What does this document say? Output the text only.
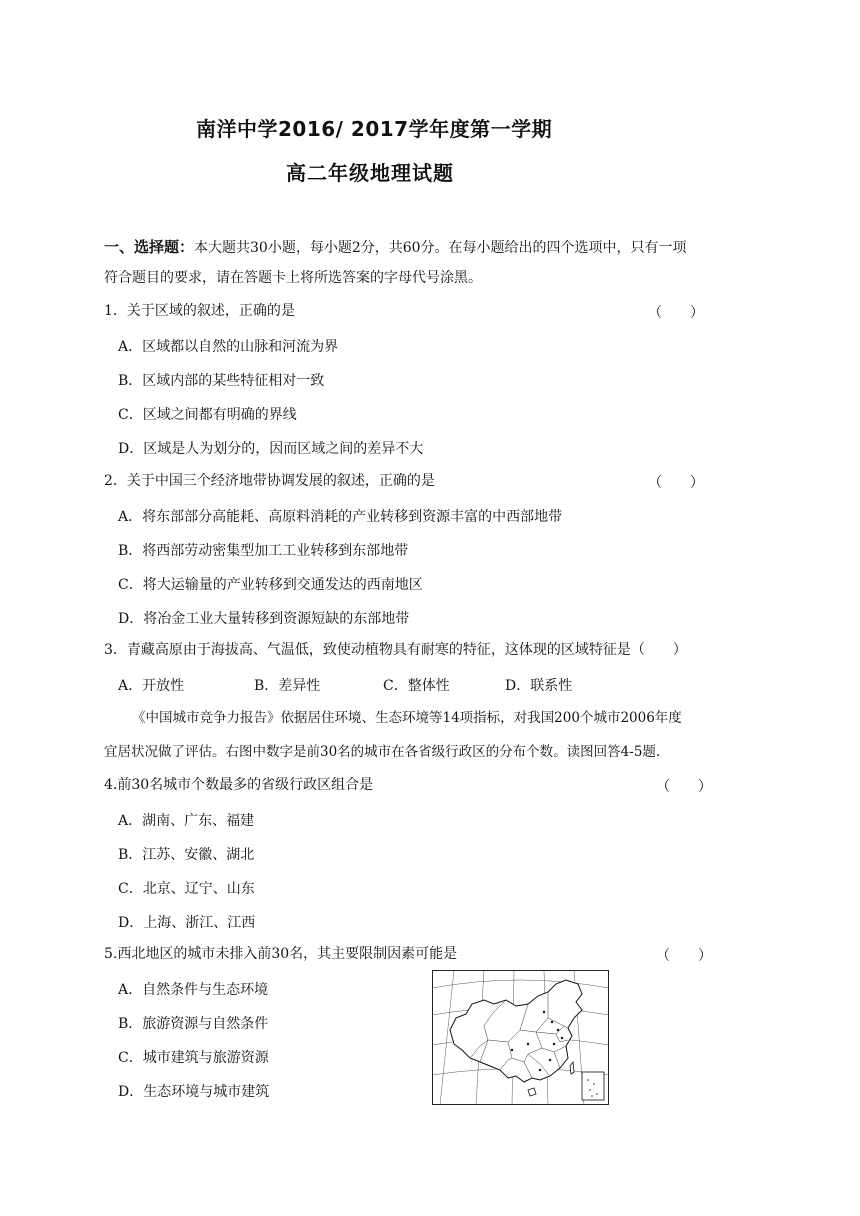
南洋中学2016/ 2017学年度第一学期
高二年级地理试题
一、选择题：本大题共30小题，每小题2分，共60分。在每小题给出的四个选项中，只有一项
符合题目的要求，请在答题卡上将所选答案的字母代号涂黑。
1．关于区域的叙述，正确的是	（　　）
A．区域都以自然的山脉和河流为界
B．区域内部的某些特征相对一致
C．区域之间都有明确的界线
D．区域是人为划分的，因而区域之间的差异不大
2．关于中国三个经济地带协调发展的叙述，正确的是	（　　）
A．将东部部分高能耗、高原料消耗的产业转移到资源丰富的中西部地带
B．将西部劳动密集型加工工业转移到东部地带
C．将大运输量的产业转移到交通发达的西南地区
D．将冶金工业大量转移到资源短缺的东部地带
3．青藏高原由于海拔高、气温低，致使动植物具有耐寒的特征，这体现的区域特征是（　　）
A．开放性	B．差异性	C．整体性	D．联系性
《中国城市竞争力报告》依据居住环境、生态环境等14项指标，对我国200个城市2006年度
宜居状况做了评估。右图中数字是前30名的城市在各省级行政区的分布个数。读图回答4-5题.
4.前30名城市个数最多的省级行政区组合是	（　　）
A．湖南、广东、福建
B．江苏、安徽、湖北
C．北京、辽宁、山东
D．上海、浙江、江西
5.西北地区的城市未排入前30名，其主要限制因素可能是	（　　）
A．自然条件与生态环境
B．旅游资源与自然条件
C．城市建筑与旅游资源
D．生态环境与城市建筑
